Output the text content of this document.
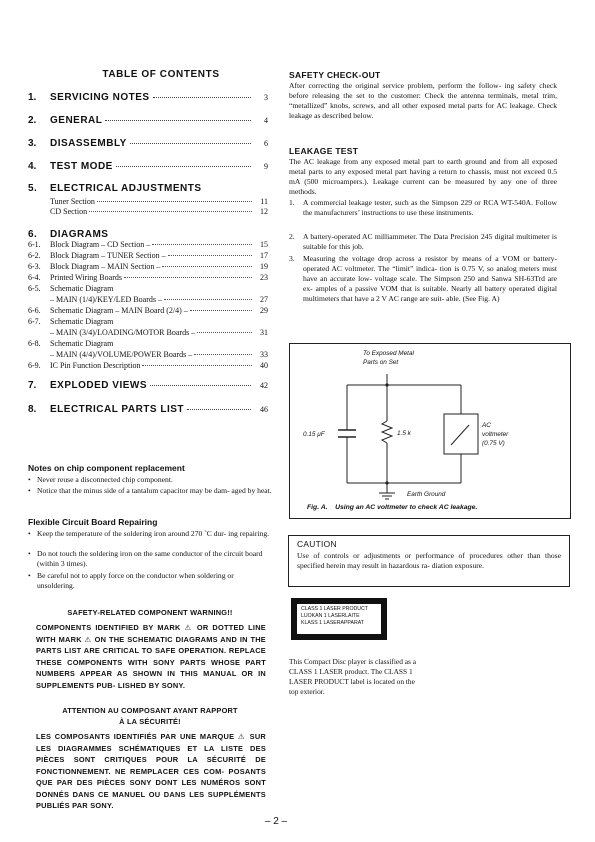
TABLE OF CONTENTS
1.	SERVICING NOTES	3
2.	GENERAL	4
3.	DISASSEMBLY	6
4.	TEST MODE	9
5. ELECTRICAL ADJUSTMENTS
Tuner Section	11
CD Section	12
6. DIAGRAMS
6-1.	Block Diagram – CD Section –	15
6-2.	Block Diagram – TUNER Section –	17
6-3.	Block Diagram – MAIN Section –	19
6-4.	Printed Wiring Boards	23
6-5.	Schematic Diagram
– MAIN (1/4)/KEY/LED Boards –	27
6-6.	Schematic Diagram – MAIN Board (2/4) –	29
6-7.	Schematic Diagram
– MAIN (3/4)/LOADING/MOTOR Boards –	31
6-8.	Schematic Diagram
– MAIN (4/4)/VOLUME/POWER Boards –	33
6-9.	IC Pin Function Description	40
7.	EXPLODED VIEWS	42
8.	ELECTRICAL PARTS LIST	46
Notes on chip component replacement
• Never reuse a disconnected chip component.
• Notice that the minus side of a tantalum capacitor may be dam- aged by heat.
Flexible Circuit Board Repairing
• Keep the temperature of the soldering iron around 270 ˚C dur- ing repairing.
• Do not touch the soldering iron on the same conductor of the circuit board (within 3 times).
• Be careful not to apply force on the conductor when soldering or unsoldering.
SAFETY-RELATED COMPONENT WARNING!!
COMPONENTS IDENTIFIED BY MARK ⚠ OR DOTTED LINE WITH MARK ⚠ ON THE SCHEMATIC DIAGRAMS AND IN THE PARTS LIST ARE CRITICAL TO SAFE OPERATION. REPLACE THESE COMPONENTS WITH SONY PARTS WHOSE PART NUMBERS APPEAR AS SHOWN IN THIS MANUAL OR IN SUPPLEMENTS PUB- LISHED BY SONY.
ATTENTION AU COMPOSANT AYANT RAPPORT
À LA SÉCURITÉ!
LES COMPOSANTS IDENTIFIÉS PAR UNE MARQUE ⚠ SUR LES DIAGRAMMES SCHÉMATIQUES ET LA LISTE DES PIÈCES SONT CRITIQUES POUR LA SÉCURITÉ DE FONCTIONNEMENT. NE REMPLACER CES COM- POSANTS QUE PAR DES PIÈCES SONY DONT LES NUMÉROS SONT DONNÉS DANS CE MANUEL OU DANS LES SUPPLÉMENTS PUBLIÉS PAR SONY.
SAFETY CHECK-OUT
After correcting the original service problem, perform the follow- ing safety check before releasing the set to the customer: Check the antenna terminals, metal trim, “metallized” knobs, screws, and all other exposed metal parts for AC leakage. Check leakage as described below.
LEAKAGE TEST
The AC leakage from any exposed metal part to earth ground and from all exposed metal parts to any exposed metal part having a return to chassis, must not exceed 0.5 mA (500 microampers.). Leakage current can be measured by any one of three methods.
1.	A commercial leakage tester, such as the Simpson 229 or RCA WT-540A. Follow the manufacturers’ instructions to use these instruments.
2.	A battery-operated AC milliammeter. The Data Precision 245 digital multimeter is suitable for this job.
3.	Measuring the voltage drop across a resistor by means of a VOM or battery-operated AC voltmeter. The “limit” indica- tion is 0.75 V, so analog meters must have an accurate low- voltage scale. The Simpson 250 and Sanwa SH-63Trd are ex- amples of a passive VOM that is suitable. Nearly all battery operated digital multimeters that have a 2 V AC range are suit- able. (See Fig. A)
To Exposed Metal
Parts on Set
0.15 μF	1.5 k
AC
voltmeter
(0.75 V)
Earth Ground
Fig. A.    Using an AC voltmeter to check AC leakage.
CAUTION
Use of controls or adjustments or performance of procedures other than those specified herein may result in hazardous ra- diation exposure.
CLASS 1 LASER PRODUCT
LUOKAN 1 LASERLAITE
KLASS 1 LASERAPPARAT
This Compact Disc player is classified as a CLASS 1 LASER product. The CLASS 1 LASER PRODUCT label is located on the top exterior.
– 2 –
